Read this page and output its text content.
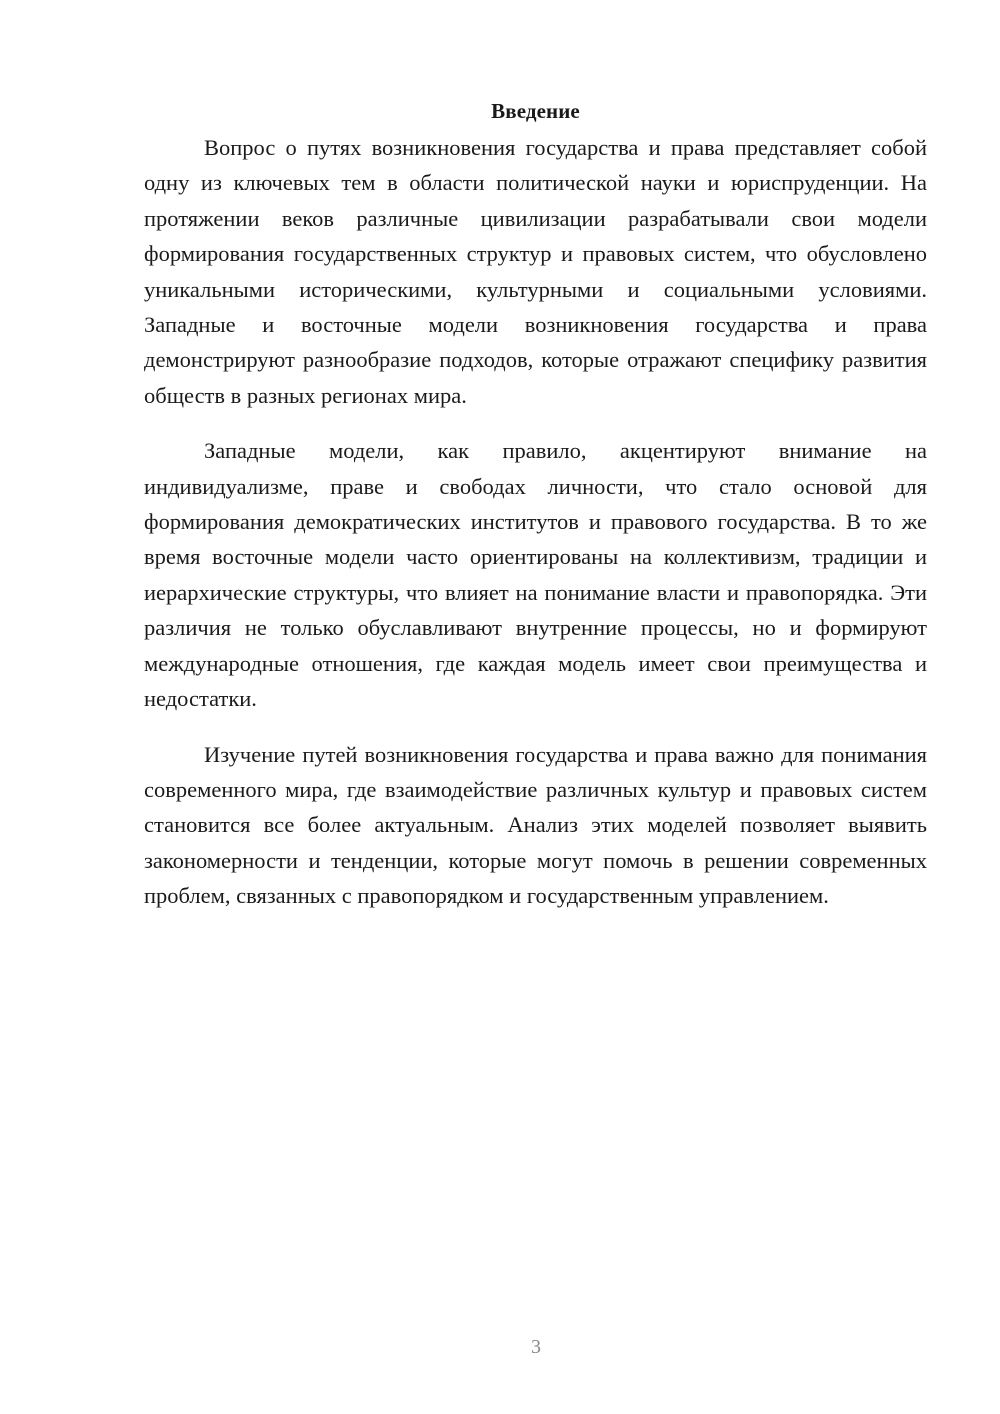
Введение

Вопрос о путях возникновения государства и права представляет собой одну из ключевых тем в области политической науки и юриспруденции. На протяжении веков различные цивилизации разрабатывали свои модели формирования государственных структур и правовых систем, что обусловлено уникальными историческими, культурными и социальными условиями. Западные и восточные модели возникновения государства и права демонстрируют разнообразие подходов, которые отражают специфику развития обществ в разных регионах мира.

Западные модели, как правило, акцентируют внимание на индивидуализме, праве и свободах личности, что стало основой для формирования демократических институтов и правового государства. В то же время восточные модели часто ориентированы на коллективизм, традиции и иерархические структуры, что влияет на понимание власти и правопорядка. Эти различия не только обуславливают внутренние процессы, но и формируют международные отношения, где каждая модель имеет свои преимущества и недостатки.

Изучение путей возникновения государства и права важно для понимания современного мира, где взаимодействие различных культур и правовых систем становится все более актуальным. Анализ этих моделей позволяет выявить закономерности и тенденции, которые могут помочь в решении современных проблем, связанных с правопорядком и государственным управлением.

3
